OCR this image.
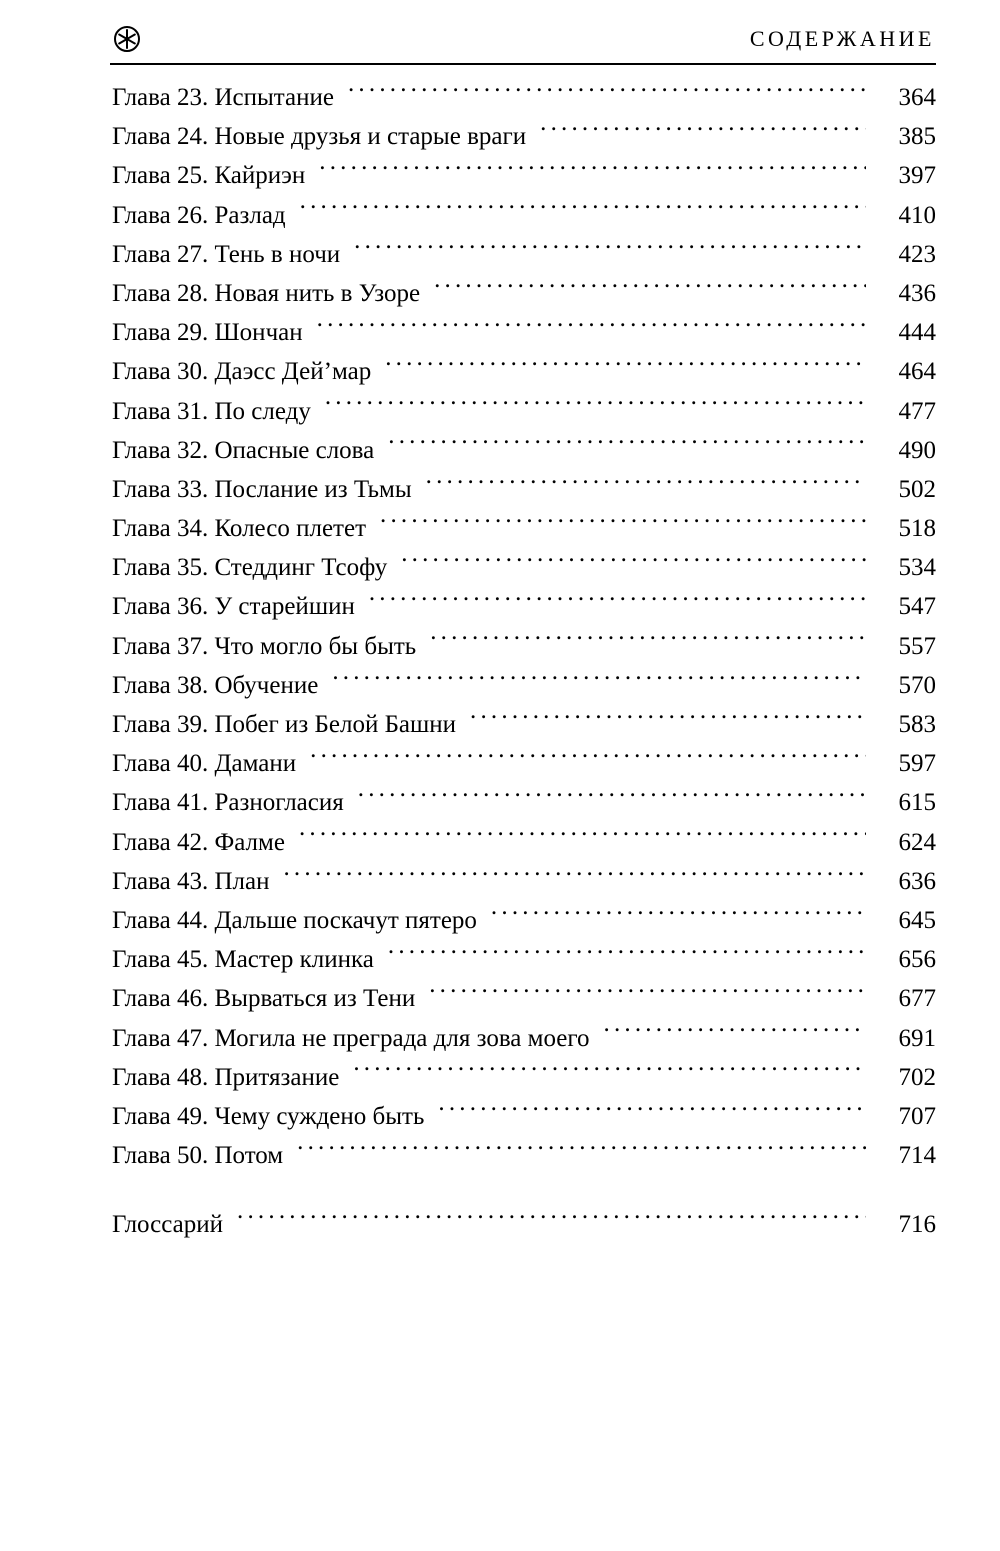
СОДЕРЖАНИЕ
Глава 23. Испытание .....	364
Глава 24. Новые друзья и старые враги .....	385
Глава 25. Кайриэн .....	397
Глава 26. Разлад .....	410
Глава 27. Тень в ночи .....	423
Глава 28. Новая нить в Узоре .....	436
Глава 29. Шончан .....	444
Глава 30. Даэсс Дей’мар .....	464
Глава 31. По следу .....	477
Глава 32. Опасные слова .....	490
Глава 33. Послание из Тьмы .....	502
Глава 34. Колесо плетет .....	518
Глава 35. Стеддинг Тсофу .....	534
Глава 36. У старейшин .....	547
Глава 37. Что могло бы быть .....	557
Глава 38. Обучение .....	570
Глава 39. Побег из Белой Башни .....	583
Глава 40. Дамани .....	597
Глава 41. Разногласия .....	615
Глава 42. Фалме .....	624
Глава 43. План .....	636
Глава 44. Дальше поскачут пятеро .....	645
Глава 45. Мастер клинка .....	656
Глава 46. Вырваться из Тени .....	677
Глава 47. Могила не преграда для зова моего .....	691
Глава 48. Притязание .....	702
Глава 49. Чему суждено быть .....	707
Глава 50. Потом .....	714
Глоссарий .....	716
